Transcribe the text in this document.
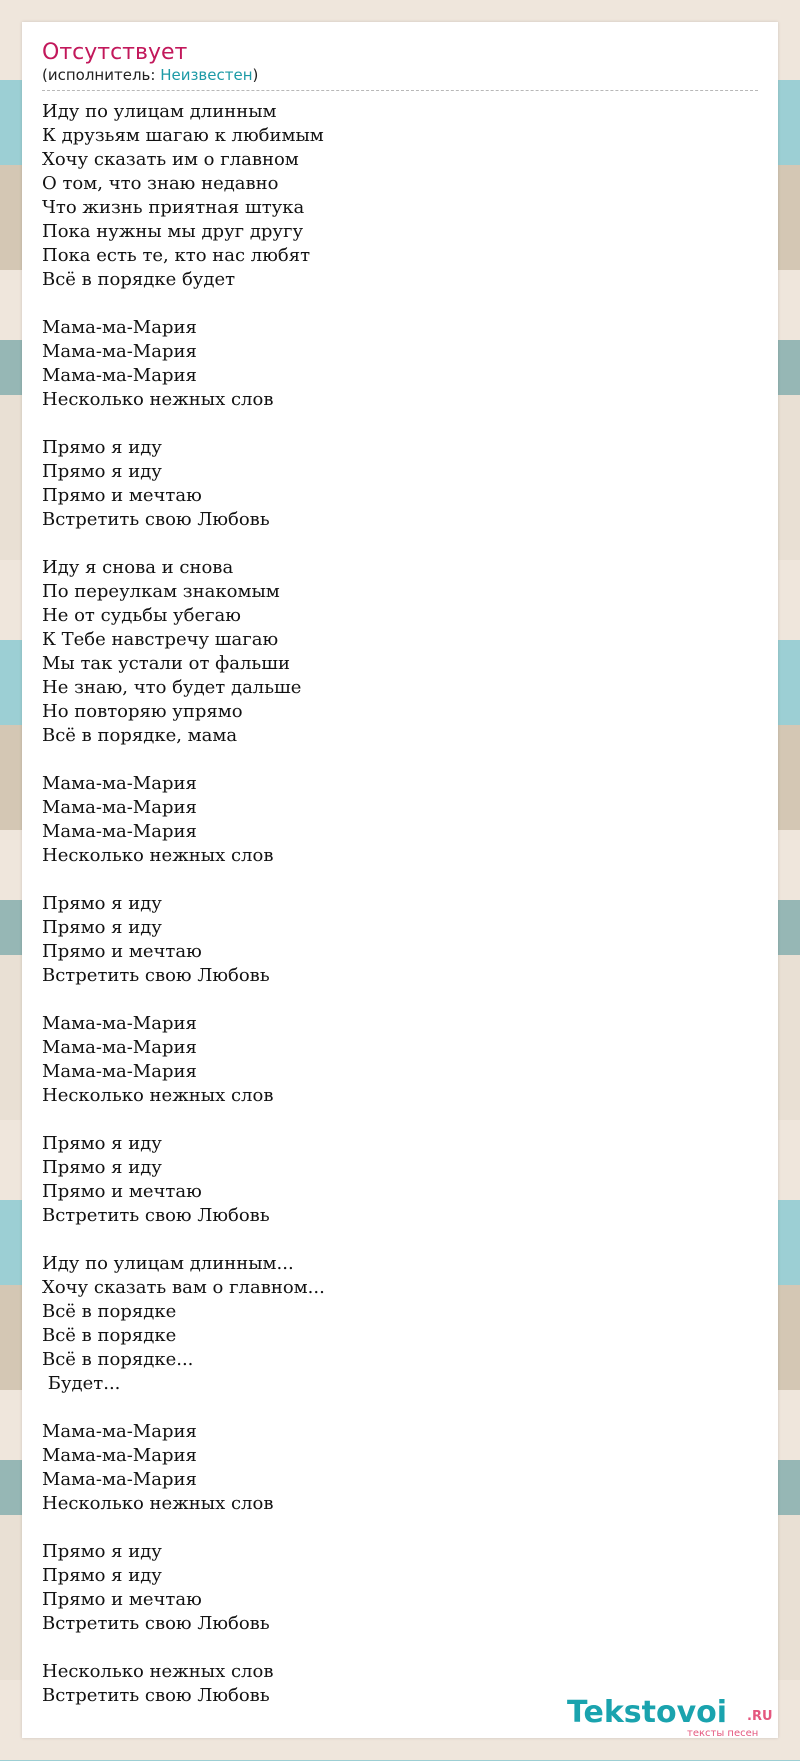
Отсутствует
(исполнитель: Неизвестен)
Иду по улицам длинным
К друзьям шагаю к любимым
Хочу сказать им о главном
О том, что знаю недавно
Что жизнь приятная штука
Пока нужны мы друг другу
Пока есть те, кто нас любят
Всё в порядке будет

Мама-ма-Мария
Мама-ма-Мария
Мама-ма-Мария
Несколько нежных слов

Прямо я иду
Прямо я иду
Прямо и мечтаю
Встретить свою Любовь

Иду я снова и снова
По переулкам знакомым
Не от судьбы убегаю
К Тебе навстречу шагаю
Мы так устали от фальши
Не знаю, что будет дальше
Но повторяю упрямо
Всё в порядке, мама

Мама-ма-Мария
Мама-ма-Мария
Мама-ма-Мария
Несколько нежных слов

Прямо я иду
Прямо я иду
Прямо и мечтаю
Встретить свою Любовь

Мама-ма-Мария
Мама-ма-Мария
Мама-ма-Мария
Несколько нежных слов

Прямо я иду
Прямо я иду
Прямо и мечтаю
Встретить свою Любовь

Иду по улицам длинным...
Хочу сказать вам о главном...
Всё в порядке
Всё в порядке
Всё в порядке...
Будет...

Мама-ма-Мария
Мама-ма-Мария
Мама-ма-Мария
Несколько нежных слов

Прямо я иду
Прямо я иду
Прямо и мечтаю
Встретить свою Любовь

Несколько нежных слов
Встретить свою Любовь	Tekstovoi .RU
тексты песен
